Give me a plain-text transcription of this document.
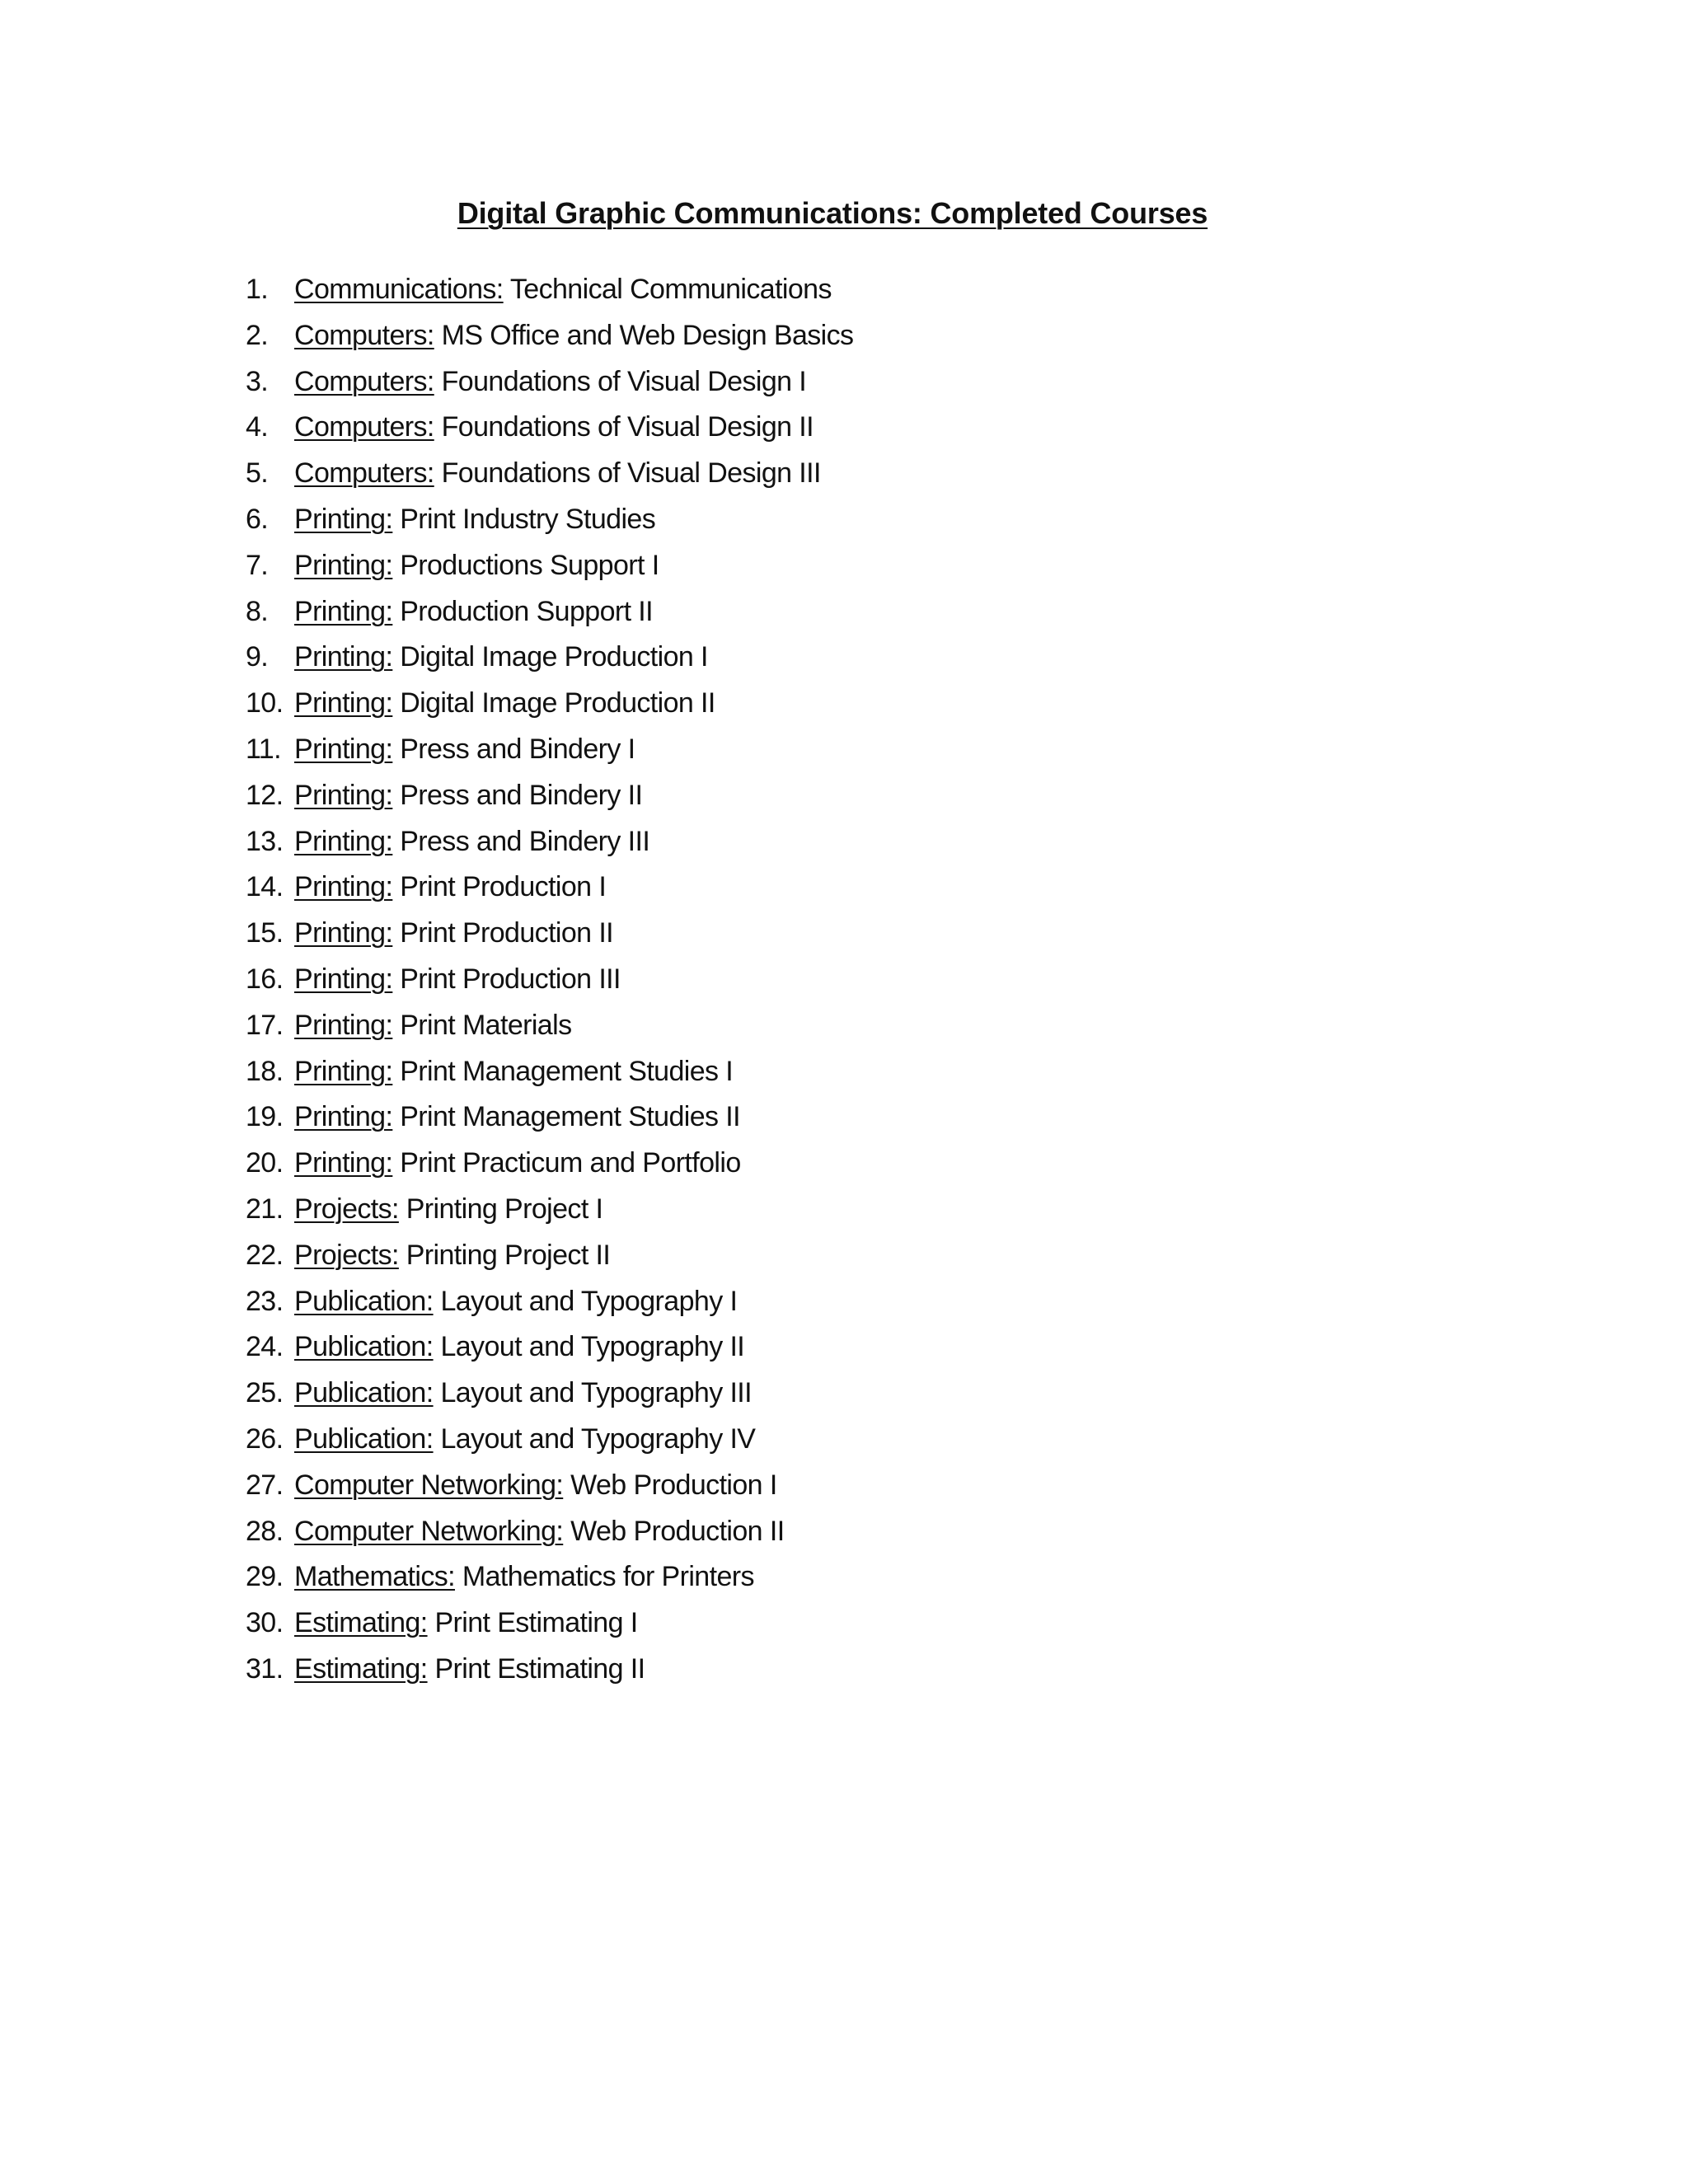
Digital Graphic Communications: Completed Courses
1. Communications: Technical Communications
2. Computers: MS Office and Web Design Basics
3. Computers: Foundations of Visual Design I
4. Computers: Foundations of Visual Design II
5. Computers: Foundations of Visual Design III
6. Printing: Print Industry Studies
7. Printing: Productions Support I
8. Printing: Production Support II
9. Printing: Digital Image Production I
10. Printing: Digital Image Production II
11. Printing: Press and Bindery I
12. Printing: Press and Bindery II
13. Printing: Press and Bindery III
14. Printing: Print Production I
15. Printing: Print Production II
16. Printing: Print Production III
17. Printing: Print Materials
18. Printing: Print Management Studies I
19. Printing: Print Management Studies II
20. Printing: Print Practicum and Portfolio
21. Projects: Printing Project I
22. Projects: Printing Project II
23. Publication: Layout and Typography I
24. Publication: Layout and Typography II
25. Publication: Layout and Typography III
26. Publication: Layout and Typography IV
27. Computer Networking: Web Production I
28. Computer Networking: Web Production II
29. Mathematics: Mathematics for Printers
30. Estimating: Print Estimating I
31. Estimating: Print Estimating II
